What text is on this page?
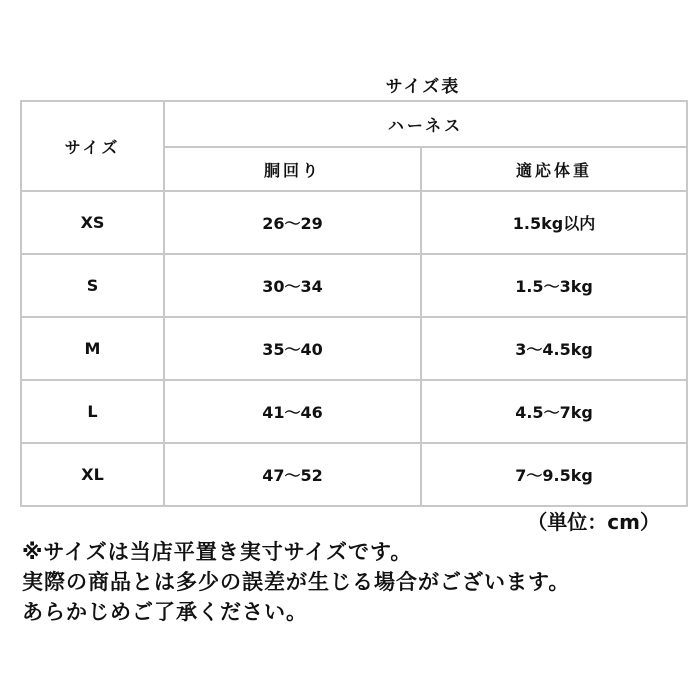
サイズ表
サイズ	ハーネス	
	胴回り	適応体重
XS	26～29	1.5kg以内
S	30～34	1.5～3kg
M	35～40	3～4.5kg
L	41～46	4.5～7kg
XL	47～52	7～9.5kg
（単位：cm）
※サイズは当店平置き実寸サイズです。
実際の商品とは多少の誤差が生じる場合がございます。
あらかじめご了承ください。
